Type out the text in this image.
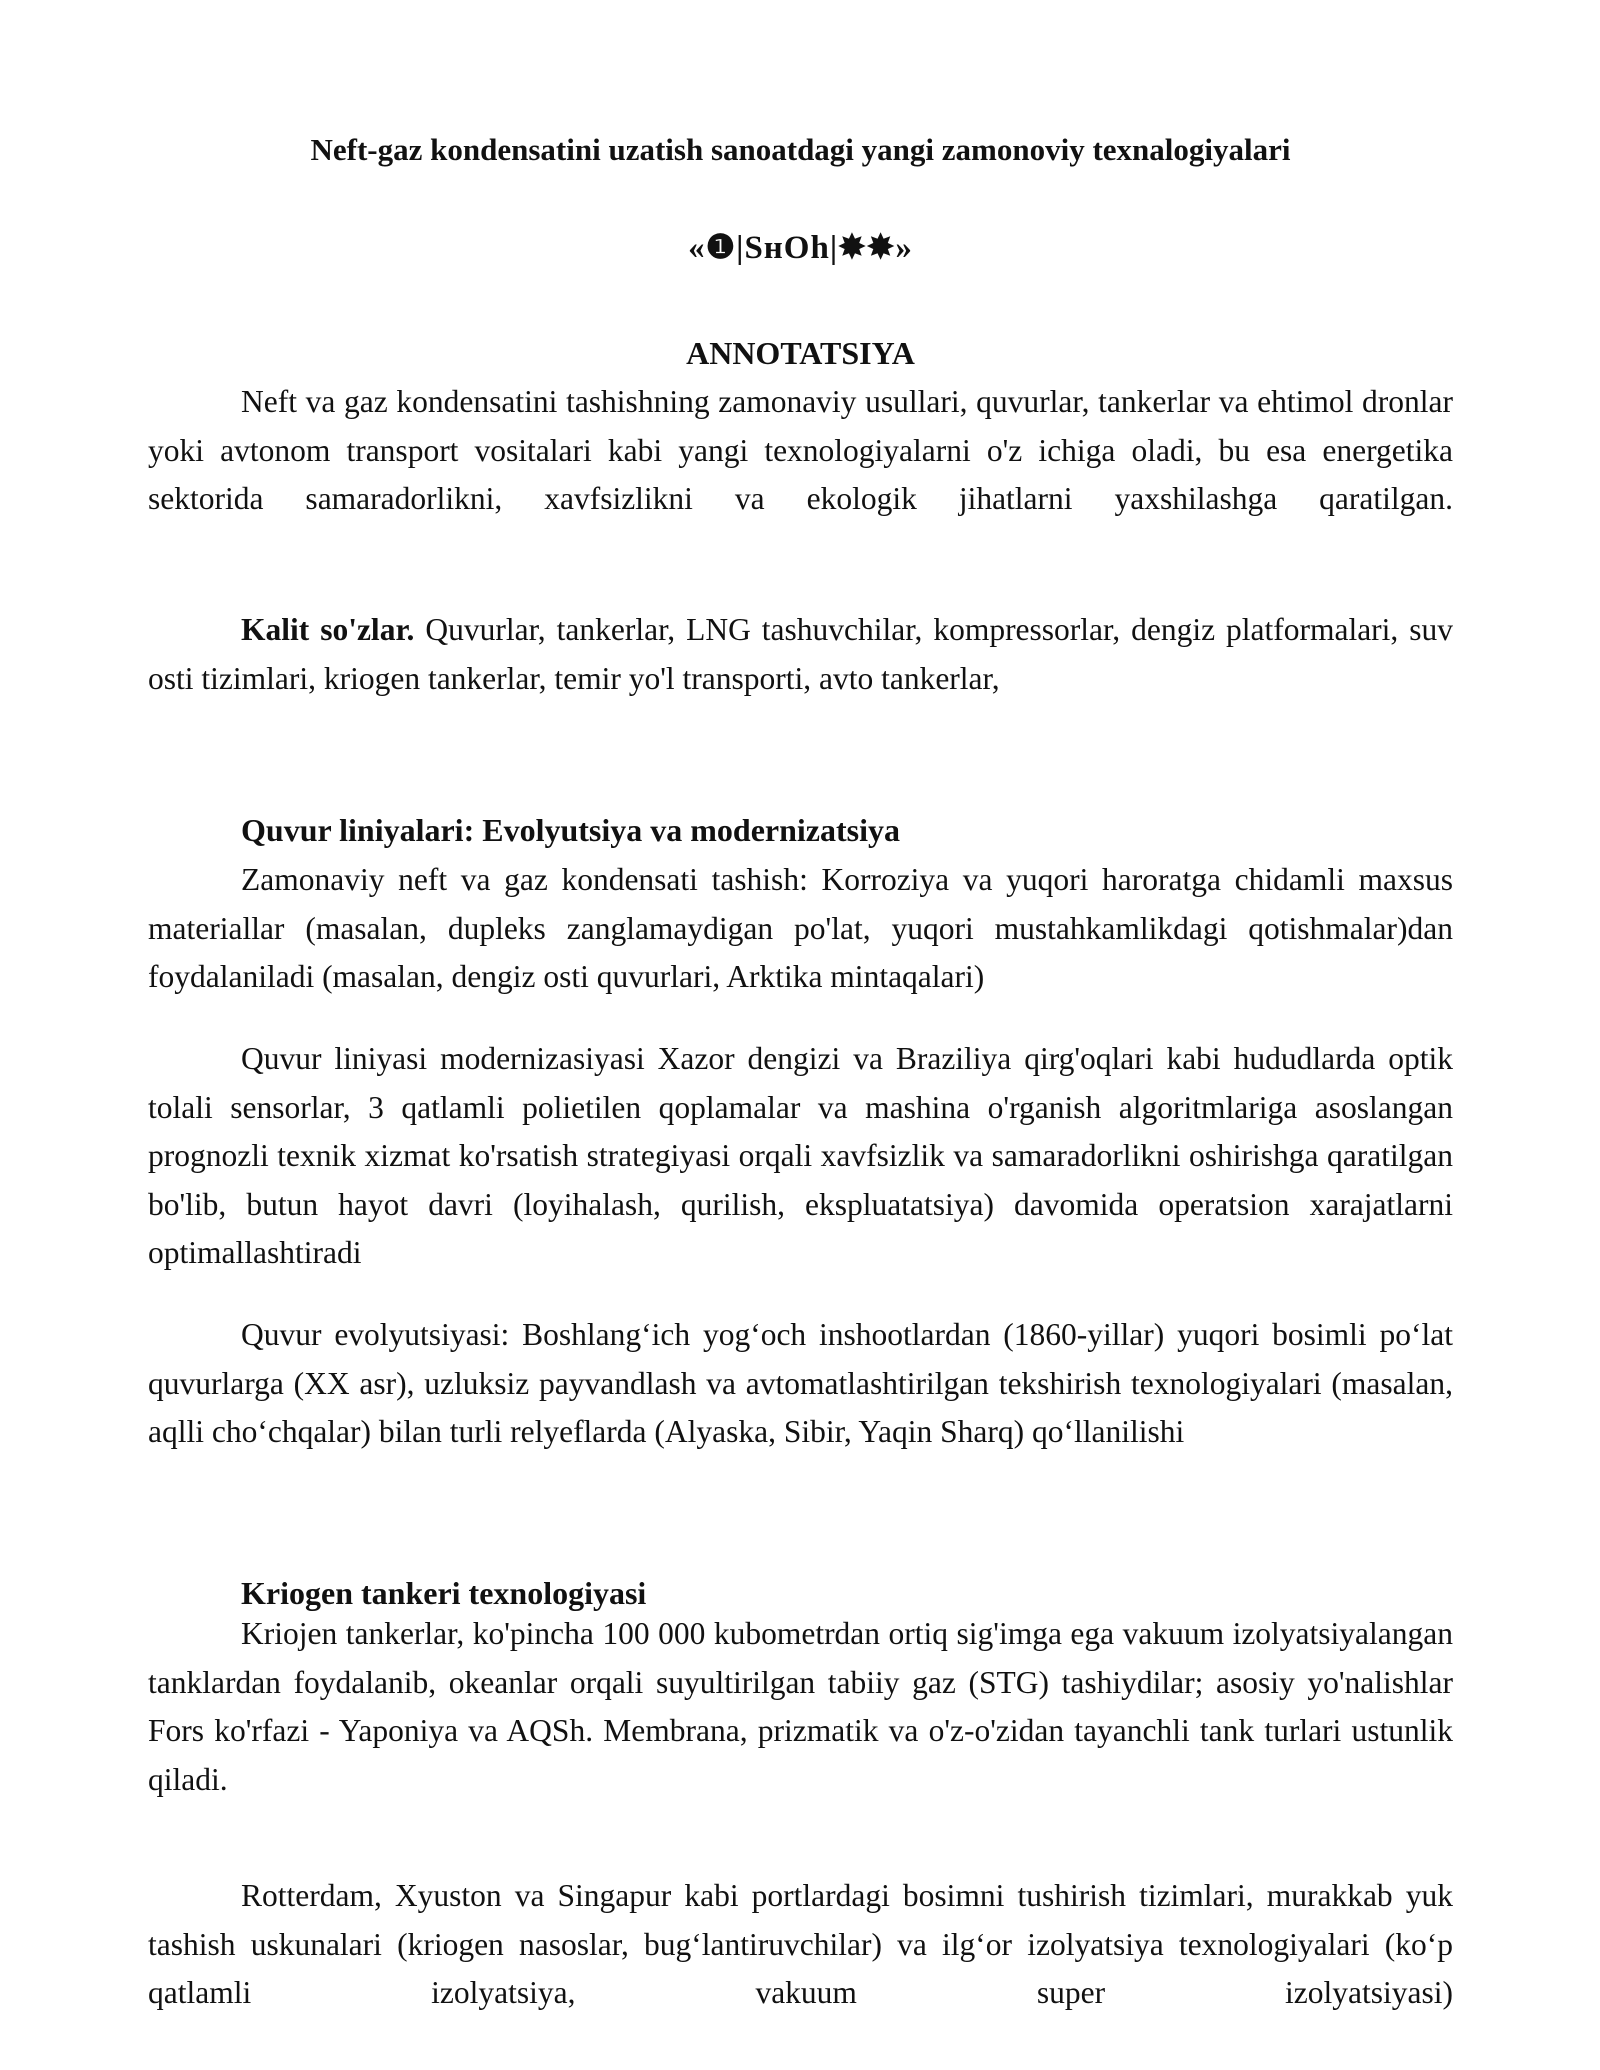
Neft-gaz kondensatini uzatish sanoatdagi yangi zamonoviy texnalogiyalari
«❶|ЅнОh|✸✸»
ANNOTATSIYA

Neft va gaz kondensatini tashishning zamonaviy usullari, quvurlar, tankerlar va ehtimol dronlar yoki avtonom transport vositalari kabi yangi texnologiyalarni o'z ichiga oladi, bu esa energetika sektorida samaradorlikni, xavfsizlikni va ekologik jihatlarni yaxshilashga qaratilgan.

Kalit so'zlar. Quvurlar, tankerlar, LNG tashuvchilar, kompressorlar, dengiz platformalari, suv osti tizimlari, kriogen tankerlar, temir yo'l transporti, avto tankerlar,

Quvur liniyalari: Evolyutsiya va modernizatsiya

Zamonaviy neft va gaz kondensati tashish: Korroziya va yuqori haroratga chidamli maxsus materiallar (masalan, dupleks zanglamaydigan po'lat, yuqori mustahkamlikdagi qotishmalar)dan foydalaniladi (masalan, dengiz osti quvurlari, Arktika mintaqalari)

Quvur liniyasi modernizasiyasi Xazor dengizi va Braziliya qirg'oqlari kabi hududlarda optik tolali sensorlar, 3 qatlamli polietilen qoplamalar va mashina o'rganish algoritmlariga asoslangan prognozli texnik xizmat ko'rsatish strategiyasi orqali xavfsizlik va samaradorlikni oshirishga qaratilgan bo'lib, butun hayot davri (loyihalash, qurilish, ekspluatatsiya) davomida operatsion xarajatlarni optimallashtiradi

Quvur evolyutsiyasi: Boshlang‘ich yog‘och inshootlardan (1860-yillar) yuqori bosimli po‘lat quvurlarga (XX asr), uzluksiz payvandlash va avtomatlashtirilgan tekshirish texnologiyalari (masalan, aqlli cho‘chqalar) bilan turli relyeflarda (Alyaska, Sibir, Yaqin Sharq) qo‘llanilishi

Kriogen tankeri texnologiyasi

Kriojen tankerlar, ko'pincha 100 000 kubometrdan ortiq sig'imga ega vakuum izolyatsiyalangan tanklardan foydalanib, okeanlar orqali suyultirilgan tabiiy gaz (STG) tashiydilar; asosiy yo'nalishlar Fors ko'rfazi - Yaponiya va AQSh. Membrana, prizmatik va o'z-o'zidan tayanchli tank turlari ustunlik qiladi.

Rotterdam, Xyuston va Singapur kabi portlardagi bosimni tushirish tizimlari, murakkab yuk tashish uskunalari (kriogen nasoslar, bug‘lantiruvchilar) va ilg‘or izolyatsiya texnologiyalari (ko‘p qatlamli izolyatsiya, vakuum super izolyatsiyasi)
